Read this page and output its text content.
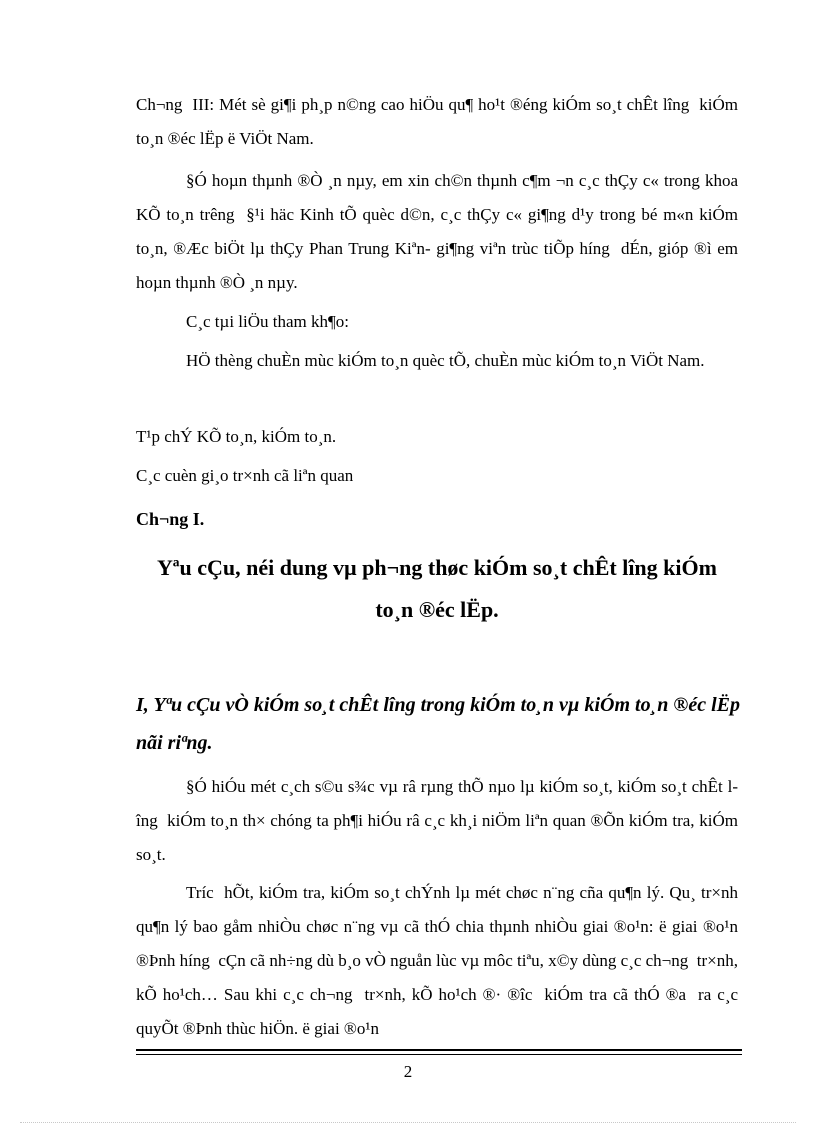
Ch¬ng  III: Mét sè gi¶i ph¸p n©ng cao hiÖu qu¶ ho¹t ®éng kiÓm so¸t chÊt lîng  kiÓm to¸n ®éc lËp ë ViÖt Nam.

§Ó hoµn thµnh ®Ò ¸n nµy, em xin ch©n thµnh c¶m ¬n c¸c thÇy c« trong khoa KÕ to¸n trêng  §¹i häc Kinh tÕ quèc d©n, c¸c thÇy c« gi¶ng d¹y trong bé m«n kiÓm to¸n, ®Æc biÖt lµ thÇy Phan Trung Kiªn- gi¶ng viªn trùc tiÕp híng  dÉn, gióp ®ì em hoµn thµnh ®Ò ¸n nµy.

C¸c tµi liÖu tham kh¶o:

HÖ thèng chuÈn mùc kiÓm to¸n quèc tÕ, chuÈn mùc kiÓm to¸n ViÖt Nam.

T¹p chÝ KÕ to¸n, kiÓm to¸n.

C¸c cuèn gi¸o tr×nh cã liªn quan

Ch¬ng I.

Yªu cÇu, néi dung vµ ph¬ng thøc kiÓm so¸t chÊt lîng kiÓm to¸n ®éc lËp.

I, Yªu cÇu vÒ kiÓm so¸t chÊt lîng trong kiÓm to¸n vµ kiÓm to¸n ®éc lËp nãi riªng.

§Ó hiÓu mét c¸ch s©u s¾c vµ râ rµng thÕ nµo lµ kiÓm so¸t, kiÓm so¸t chÊt lîng  kiÓm to¸n th× chóng ta ph¶i hiÓu râ c¸c kh¸i niÖm liªn quan ®Õn kiÓm tra, kiÓm so¸t.

Tríc  hÕt, kiÓm tra, kiÓm so¸t chÝnh lµ mét chøc n¨ng cña qu¶n lý. Qu¸ tr×nh qu¶n lý bao gåm nhiÒu chøc n¨ng vµ cã thÓ chia thµnh nhiÒu giai ®o¹n: ë giai ®o¹n ®Þnh híng  cÇn cã nh÷ng dù b¸o vÒ nguån lùc vµ môc tiªu, x©y dùng c¸c ch¬ng  tr×nh, kÕ ho¹ch… Sau khi c¸c ch¬ng  tr×nh, kÕ ho¹ch ®· ®îc  kiÓm tra cã thÓ ®a  ra c¸c quyÕt ®Þnh thùc hiÖn. ë giai ®o¹n

2
